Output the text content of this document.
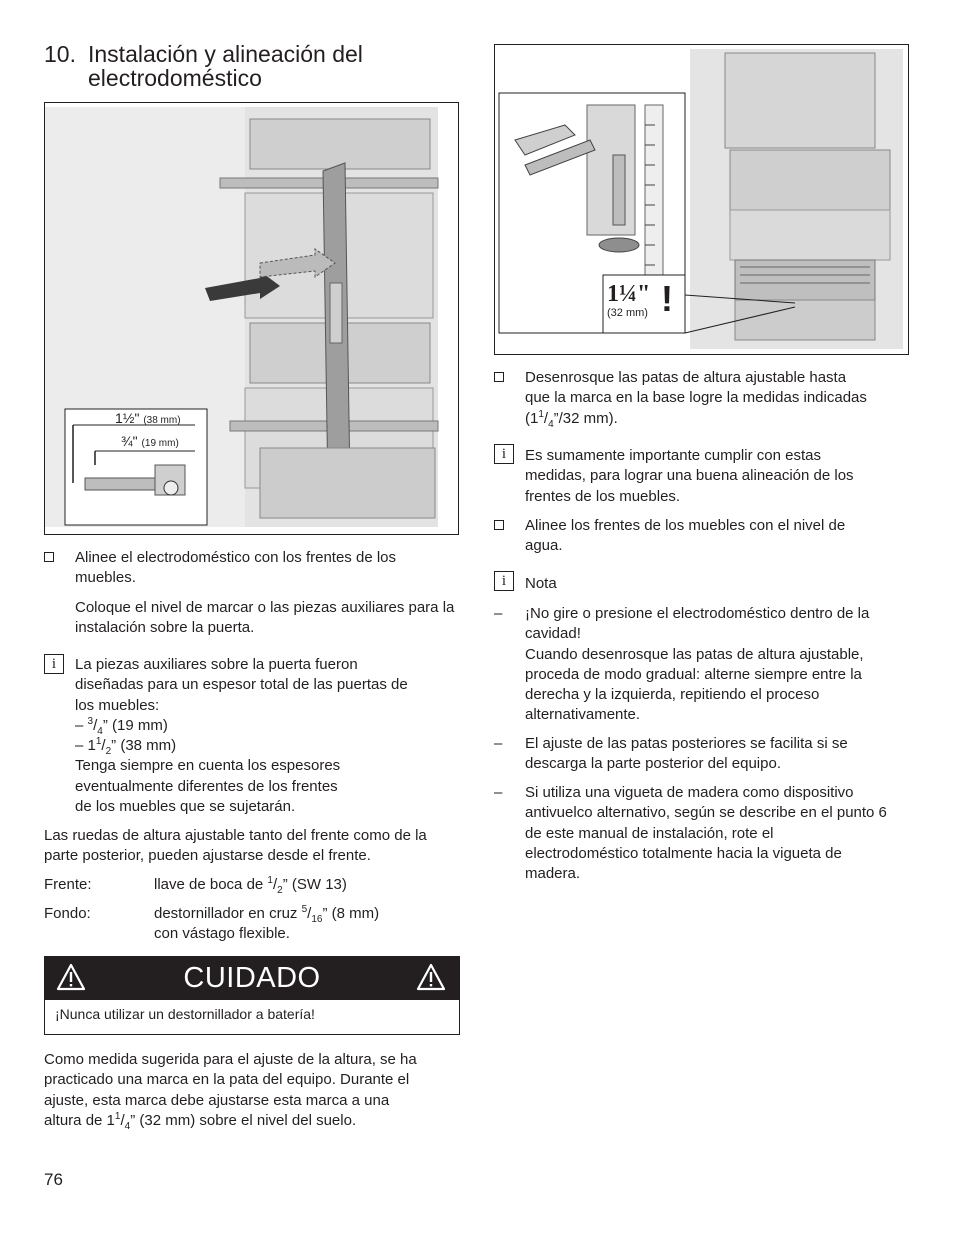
10. Instalación y alineación del
electrodoméstico
1½" (38 mm)
¾" (19 mm)
1¼"
(32 mm) !

Alinee el electrodoméstico con los frentes de los muebles.

Coloque el nivel de marcar o las piezas auxiliares para la instalación sobre la puerta.

i	La piezas auxiliares sobre la puerta fueron

diseñadas para un espesor total de las puertas de

los muebles:

– $^3/_4$” (19 mm)

– $1^1/_2$” (38 mm)

Tenga siempre en cuenta los espesores

eventualmente diferentes de los frentes

de los muebles que se sujetarán.

Las ruedas de altura ajustable tanto del frente como de la parte posterior, pueden ajustarse desde el frente.

Frente:	llave de boca de $^1/_2$” (SW 13)
Fondo:	destornillador en cruz $^5/_{16}$” (8 mm)

con vástago flexible.

CUIDADO
¡Nunca utilizar un destornillador a batería!

Como medida sugerida para el ajuste de la altura, se ha

practicado una marca en la pata del equipo. Durante el

ajuste, esta marca debe ajustarse esta marca a una

altura de $1^1/_4$” (32 mm) sobre el nivel del suelo.

76

Desenrosque las patas de altura ajustable hasta

que la marca en la base logre la medidas indicadas

($1^1/_4”/32$ mm).

i	Es sumamente importante cumplir con estas medidas, para lograr una buena alineación de los frentes de los muebles.

Alinee los frentes de los muebles con el nivel de agua.

i	Nota

– ¡No gire o presione el electrodoméstico dentro de la cavidad!

Cuando desenrosque las patas de altura ajustable, proceda de modo gradual: alterne siempre entre la derecha y la izquierda, repitiendo el proceso alternativamente.

–	El ajuste de las patas posteriores se facilita si se descarga la parte posterior del equipo.

–	Si utiliza una vigueta de madera como dispositivo antivuelco alternativo, según se describe en el punto 6 de este manual de instalación, rote el electrodoméstico totalmente hacia la vigueta de madera.
